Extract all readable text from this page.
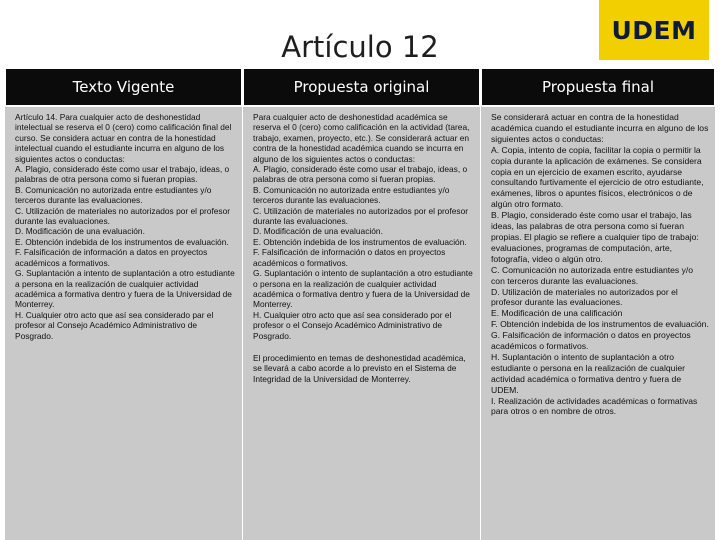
Artículo 12	UDEM
Texto Vigente

Artículo 14. Para cualquier acto de deshonestidad intelectual se reserva el 0 (cero) como calificación final del curso. Se considera actuar en contra de la honestidad
intelectual cuando el estudiante incurra en alguno de los siguientes actos o conductas:
A. Plagio, considerado éste como usar el trabajo, ideas, o palabras de otra persona como si fueran propias.
B. Comunicación no autorizada entre estudiantes y/o terceros durante las evaluaciones.
C. Utilización de materiales no autorizados por el profesor durante las evaluaciones.
D. Modificación de una evaluación.
E. Obtención indebida de los instrumentos de evaluación.
F. Falsificación de información a datos en proyectos académicos a formativos.
G. Suplantación a intento de suplantación a otro estudiante a persona en la realización de cualquier actividad académica a formativa dentro y fuera de la Universidad de Monterrey.
H. Cualquier otro acto que así sea considerado par el profesor al Consejo Académico Administrativo de Posgrado.

Propuesta original

Para cualquier acto de deshonestidad académica se reserva el 0 (cero) como calificación en la actividad (tarea, trabajo, examen, proyecto, etc.). Se considerará actuar en contra de la honestidad académica cuando se incurra en alguno de los siguientes actos o conductas:
A. Plagio, considerado éste como usar el trabajo, ideas, o palabras de otra persona como si fueran propias.
B. Comunicación no autorizada entre estudiantes y/o terceros durante las evaluaciones.
C. Utilización de materiales no autorizados por el profesor durante las evaluaciones.
D. Modificación de una evaluación.
E. Obtención indebida de los instrumentos de evaluación.
F. Falsificación de información o datos en proyectos académicos o formativos.
G. Suplantación o intento de suplantación a otro estudiante o persona en la realización de cualquier actividad académica o formativa dentro y fuera de la Universidad de Monterrey.
H. Cualquier otro acto que así sea considerado por el profesor o el Consejo Académico Administrativo de Posgrado.

El procedimiento en temas de deshonestidad académica, se llevará a cabo acorde a lo previsto en el Sistema de Integridad de la Universidad de Monterrey.

Propuesta final

Se considerará actuar en contra de la honestidad académica cuando el estudiante incurra en alguno de los siguientes actos o conductas:
A. Copia, intento de copia, facilitar la copia o permitir la copia durante la aplicación de exámenes. Se considera copia en un ejercicio de examen escrito, ayudarse consultando furtivamente el ejercicio de otro estudiante, exámenes, libros o apuntes físicos, electrónicos o de algún otro formato.
B. Plagio, considerado éste como usar el trabajo, las ideas, las palabras de otra persona como si fueran propias. El plagio se refiere a cualquier tipo de trabajo: evaluaciones, programas de computación, arte, fotografía, video o algún otro.
C. Comunicación no autorizada entre estudiantes y/o con terceros durante las evaluaciones.
D. Utilización de materiales no autorizados por el profesor durante las evaluaciones.
E. Modificación de una calificación
F. Obtención indebida de los instrumentos de evaluación.
G. Falsificación de información o datos en proyectos académicos o formativos.
H. Suplantación o intento de suplantación a otro estudiante o persona en la realización de cualquier actividad académica o formativa dentro y fuera de UDEM.
I. Realización de actividades académicas o formativas para otros o en nombre de otros.
